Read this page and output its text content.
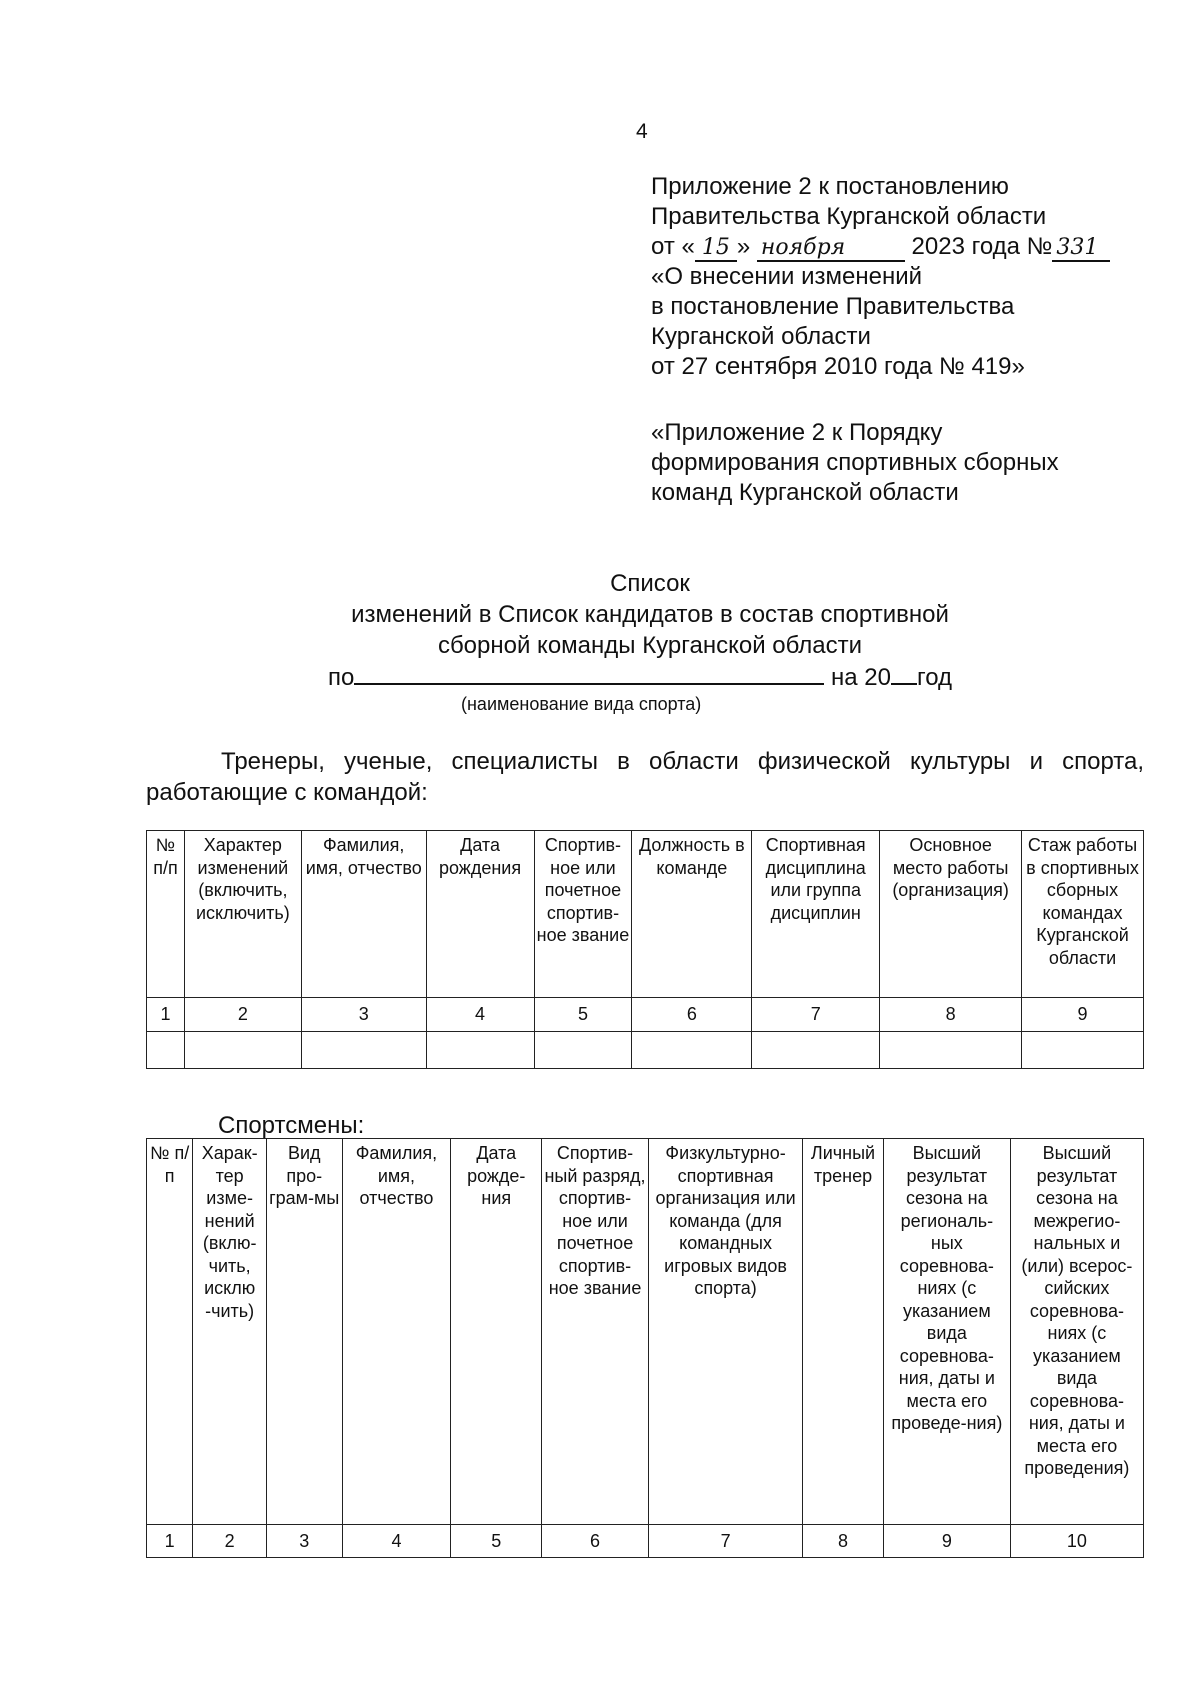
4
Приложение 2 к постановлению
Правительства Курганской области
от « 15 » ноября	2023 года № 331
«О внесении изменений
в постановление Правительства
Курганской области
от 27 сентября 2010 года № 419»
«Приложение 2 к Порядку
формирования спортивных сборных
команд Курганской области
Список
изменений в Список кандидатов в состав спортивной
сборной команды Курганской области
по	на 20 год
(наименование вида спорта)
Тренеры, ученые, специалисты в области физической культуры и спорта, работающие с командой:
№ п/п	Характер изменений (включить, исключить)	Фамилия, имя, отчество	Дата рождения	Спортив-ное или почетное спортив-ное звание	Должность в команде	Спортивная дисциплина или группа дисциплин	Основное место работы (организация)	Стаж работы в спортивных сборных командах Курганской области
1	2	3	4	5	6	7	8	9

Спортсмены:
№ п/п	Харак-тер изме-нений (вклю-чить, исклю -чить)	Вид про-грам-мы	Фамилия, имя, отчество	Дата рожде-ния	Спортив-ный разряд, спортив-ное или почетное спортив-ное звание	Физкультурно-спортивная организация или команда (для командных игровых видов спорта)	Личный тренер	Высший результат сезона на региональ-ных соревнова-ниях (с указанием вида соревнова-ния, даты и места его проведе-ния)	Высший результат сезона на межрегио-нальных и (или) всерос-сийских соревнова-ниях (с указанием вида соревнова-ния, даты и места его проведения)
1	2	3	4	5	6	7	8	9	10
